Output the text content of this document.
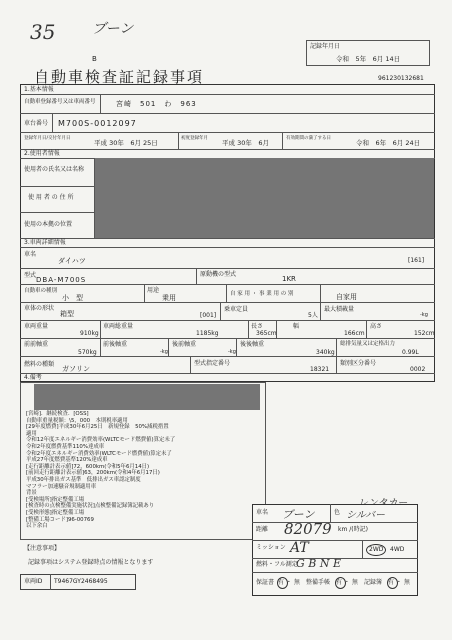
35	ブーン
記録年月日
令和　5年　6月 14日
B
自動車検査証記録事項	961230132681
1.基本情報
自動車登録番号又は車両番号	宮崎　501　わ　963
車台番号 M700S-0012097
登録年月日/交付年月日
平成 30年　6月 25日
初度登録年月
平成 30年　6月
有効期間の満了する日
令和　6年　6月 24日
2.使用者情報
使用者の氏名又は名称
使 用 者 の 住 所
使用の本拠の位置
3.車両詳細情報
車名
ダイハツ	[161]
型式
DBA-M700S
原動機の型式
1KR
自動車の種別
小　型
用途
乗用	自 家 用 ・ 事 業 用 の 別	自家用
車体の形状
箱型	[001]
乗車定員
5人
最大積載量
-kg
車両重量
910kg
車両総重量
1185kg
長さ
365cm
幅
166cm
高さ
152cm
前前軸重
570kg
前後軸重
-kg
後前軸重
-kg
後後軸重
340kg
総排気量又は定格出力
0.99L
燃料の種類
ガソリン
型式指定番号
18321
類別区分番号
0002
4.備考
[宮崎]．継続検査．[OSS]
自動車重量税額：\5，000　本則税率適用
[29年度燃費]平成30年6月25日　新規登録　50%減税措置
適用
令和12年度エネルギー消費効率(WLTCモード燃費値)算定未了
令和2年度燃費基準110%達成車
令和2年度エネルギー消費効率(WLTCモード燃費値)算定未了
平成27年度燃費基準120%達成車
[走行距離計表示値]72，600km(令和5年6月14日)
[前回走行距離計表示値]63，200km(令和4年6月17日)
平成30年排出ガス基準　低排出ガス車認定制度
マフラー加速騒音規制適用車
背景
[受検場所]指定整備工場
[検査時の点検整備実施状況]点検整備記録簿記載あり
[受検形態]指定整備工場
[整備工場コード]96-00769
以下余白
【注意事項】
記録事項はシステム登録時点の情報となります
車両ID T9467GY2468495
車名 ブーン	色 シルバー
距離 82079 km /(時記)
ミッション AT	2WD 4WD
燃料・フル測定
G B N E
保証書 有 ・ 無 整備手帳 有 ・ 無 記録簿 有 ・ 無
